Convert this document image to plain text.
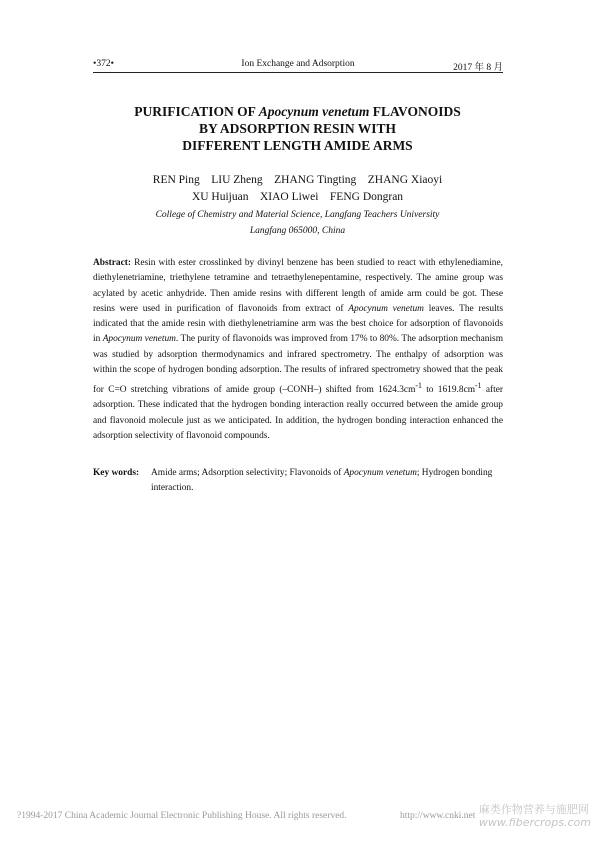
•372•	Ion Exchange and Adsorption	2017 年 8 月
PURIFICATION OF Apocynum venetum FLAVONOIDS
BY ADSORPTION RESIN WITH
DIFFERENT LENGTH AMIDE ARMS
REN Ping    LIU Zheng    ZHANG Tingting    ZHANG Xiaoyi
XU Huijuan    XIAO Liwei    FENG Dongran
College of Chemistry and Material Science, Langfang Teachers University
Langfang 065000, China
Abstract: Resin with ester crosslinked by divinyl benzene has been studied to react with ethylenediamine, diethylenetriamine, triethylene tetramine and tetraethylenepentamine, respectively. The amine group was acylated by acetic anhydride. Then amide resins with different length of amide arm could be got. These resins were used in purification of flavonoids from extract of Apocynum venetum leaves. The results indicated that the amide resin with diethylenetriamine arm was the best choice for adsorption of flavonoids in Apocynum venetum. The purity of flavonoids was improved from 17% to 80%. The adsorption mechanism was studied by adsorption thermodynamics and infrared spectrometry. The enthalpy of adsorption was within the scope of hydrogen bonding adsorption. The results of infrared spectrometry showed that the peak for C=O stretching vibrations of amide group (–CONH–) shifted from $1624.3cm^{-1}$ to $1619.8cm^{-1}$ after adsorption. These indicated that the hydrogen bonding interaction really occurred between the amide group and flavonoid molecule just as we anticipated. In addition, the hydrogen bonding interaction enhanced the adsorption selectivity of flavonoid compounds.
Key words:	Amide arms; Adsorption selectivity; Flavonoids of Apocynum venetum; Hydrogen bonding interaction.
?1994-2017 China Academic Journal Electronic Publishing House. All rights reserved.	http://www.cnki.net 麻类作物营养与施肥网
www.fibercrops.com
